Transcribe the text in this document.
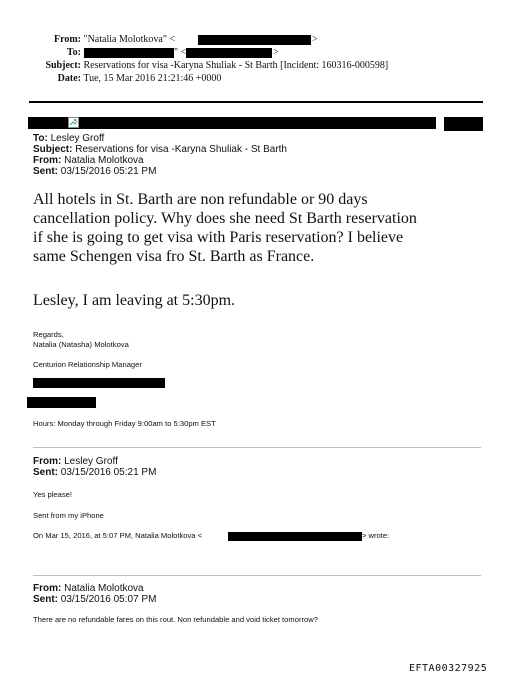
From: "Natalia Molotkova" <	>
To:	" <	>
Subject: Reservations for visa -Karyna Shuliak - St Barth [Incident: 160316-000598]
Date: Tue, 15 Mar 2016 21:21:46 +0000
To: Lesley Groff
Subject: Reservations for visa -Karyna Shuliak - St Barth
From: Natalia Molotkova
Sent: 03/15/2016 05:21 PM
All hotels in St. Barth are non refundable or 90 days
cancellation policy. Why does she need St Barth reservation
if she is going to get visa with Paris reservation? I believe
same Schengen visa fro St. Barth as France.
Lesley, I am leaving at 5:30pm.
Regards,
Natalia (Natasha) Molotkova
Centurion Relationship Manager
Hours: Monday through Friday 9:00am to 5:30pm EST
From: Lesley Groff
Sent: 03/15/2016 05:21 PM
Yes please!
Sent from my iPhone
On Mar 15, 2016, at 5:07 PM, Natalia Molotkova <	> wrote:
From: Natalia Molotkova
Sent: 03/15/2016 05:07 PM
There are no refundable fares on this rout. Non refundable and void ticket tomorrow?
EFTA00327925
